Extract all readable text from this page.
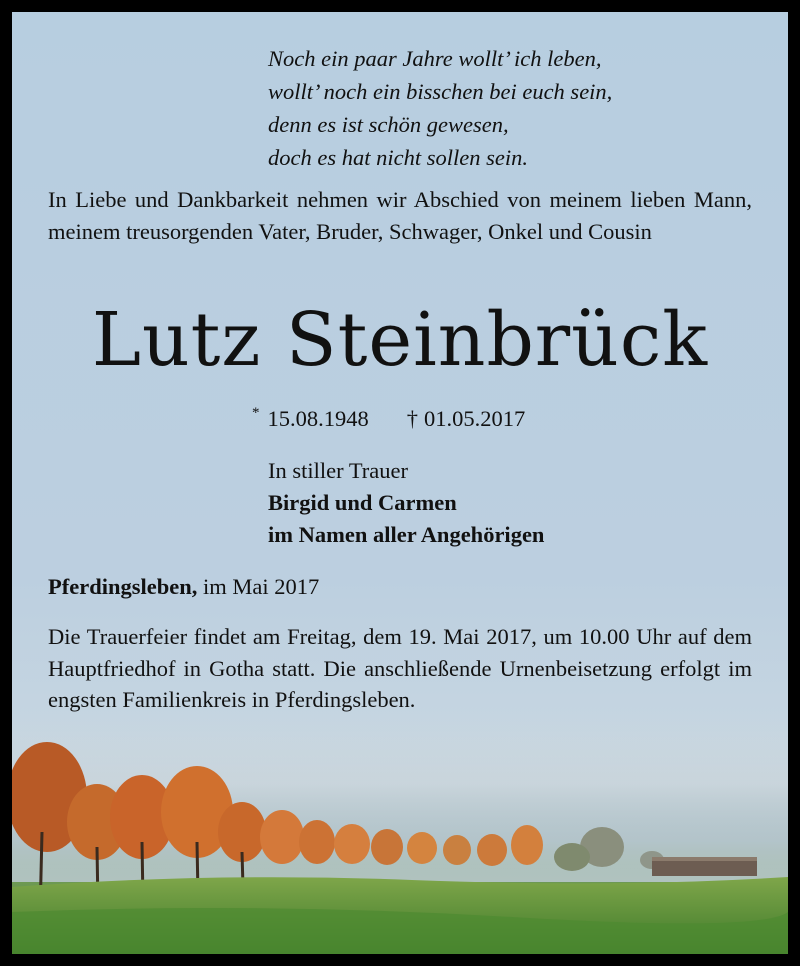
Noch ein paar Jahre wollt’ ich leben,
wollt’ noch ein bisschen bei euch sein,
denn es ist schön gewesen,
doch es hat nicht sollen sein.
In Liebe und Dankbarkeit nehmen wir Abschied von meinem lieben Mann, meinem treusorgenden Vater, Bruder, Schwager, Onkel und Cousin
Lutz Steinbrück
* 15.08.1948 † 01.05.2017
In stiller Trauer
Birgid und Carmen
im Namen aller Angehörigen
Pferdingsleben, im Mai 2017
Die Trauerfeier findet am Freitag, dem 19. Mai 2017, um 10.00 Uhr auf dem Hauptfriedhof in Gotha statt. Die anschließende Urnenbeisetzung erfolgt im engsten Familienkreis in Pferdingsleben.
